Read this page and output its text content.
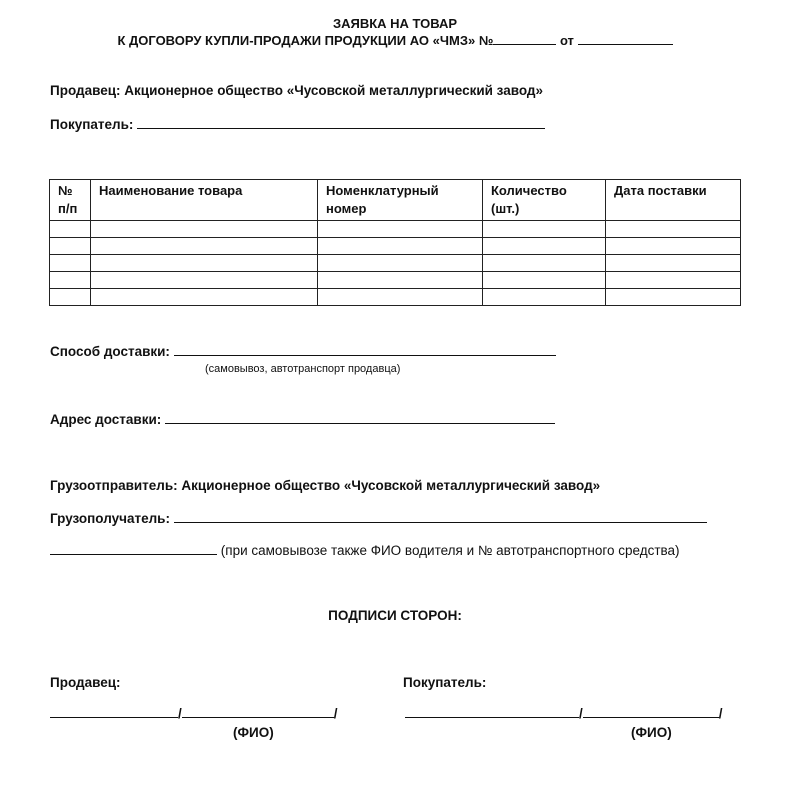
ЗАЯВКА НА ТОВАР
К ДОГОВОРУ КУПЛИ-ПРОДАЖИ ПРОДУКЦИИ АО «ЧМЗ» №	от
Продавец: Акционерное общество «Чусовской металлургический завод»
Покупатель:
№ п/п	Наименование товара	Номенклатурный номер	Количество (шт.)	Дата поставки

Способ доставки:
(самовывоз, автотранспорт продавца)
Адрес доставки:
Грузоотправитель: Акционерное общество «Чусовской металлургический завод»
Грузополучатель:
(при самовывозе также ФИО водителя и № автотранспортного средства)
ПОДПИСИ СТОРОН:
Продавец:	Покупатель:
/	/
(ФИО)
/	/
(ФИО)
